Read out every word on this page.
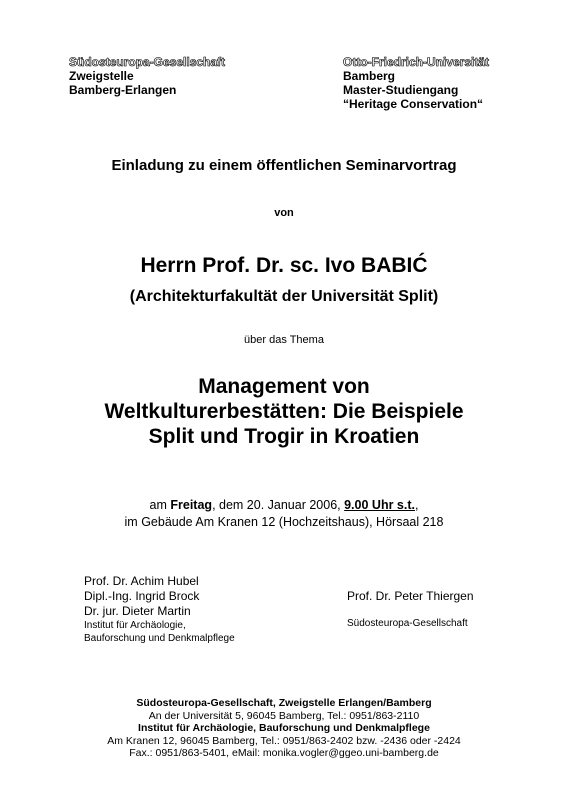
Südosteuropa-Gesellschaft

Zweigstelle

Bamberg-Erlangen

Otto-Friedrich-Universität

Bamberg

Master-Studiengang

“Heritage Conservation“

Einladung zu einem öffentlichen Seminarvortrag
von
Herrn Prof. Dr. sc. Ivo BABIĆ
(Architekturfakultät der Universität Split)
über das Thema
Management von
Weltkulturerbestätten: Die Beispiele
Split und Trogir in Kroatien
am Freitag, dem 20. Januar 2006, 9.00 Uhr s.t.,
im Gebäude Am Kranen 12 (Hochzeitshaus), Hörsaal 218

Prof. Dr. Achim Hubel

Dipl.-Ing. Ingrid Brock

Dr. jur. Dieter Martin

Institut für Archäologie,

Bauforschung und Denkmalpflege

Prof. Dr. Peter Thiergen

Südosteuropa-Gesellschaft

Südosteuropa-Gesellschaft, Zweigstelle Erlangen/Bamberg

An der Universität 5, 96045 Bamberg, Tel.: 0951/863-2110

Institut für Archäologie, Bauforschung und Denkmalpflege

Am Kranen 12, 96045 Bamberg, Tel.: 0951/863-2402 bzw. -2436 oder -2424

Fax.: 0951/863-5401, eMail: monika.vogler@ggeo.uni-bamberg.de
